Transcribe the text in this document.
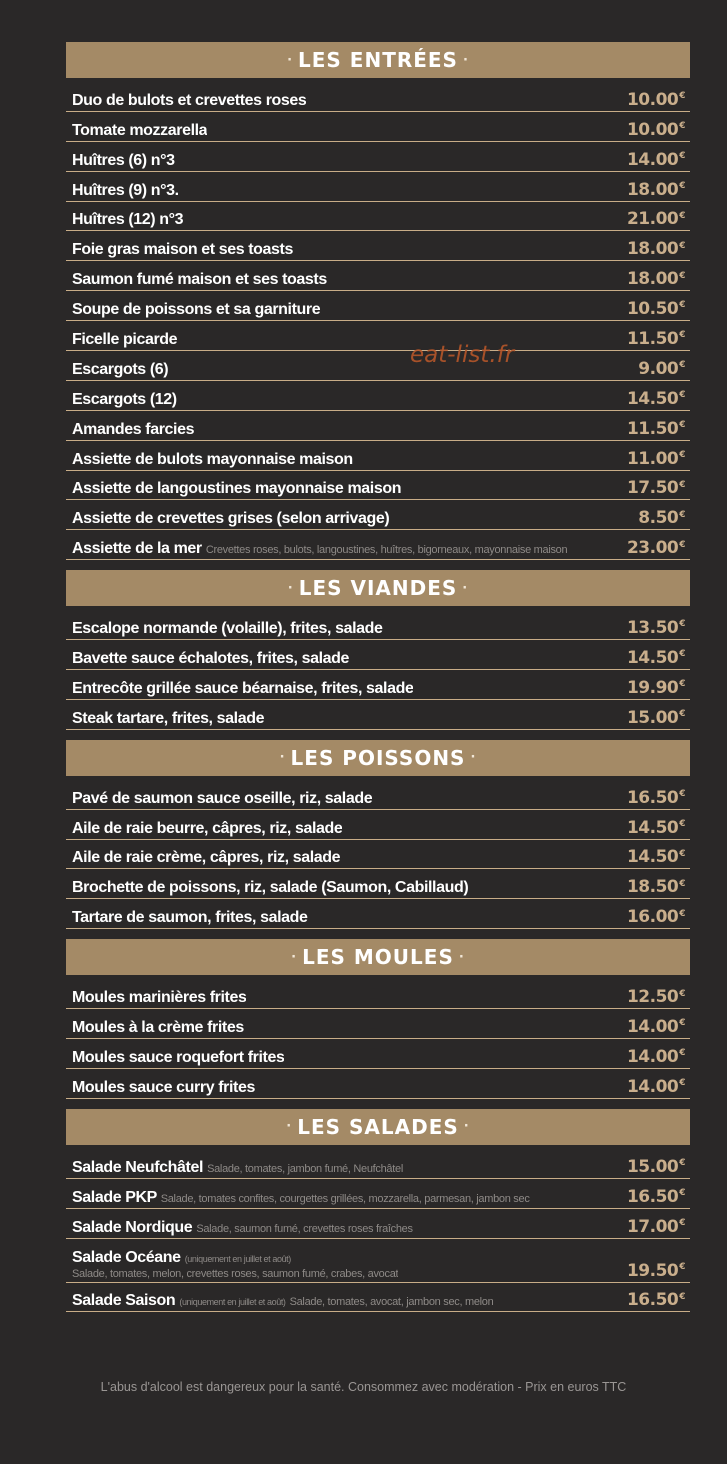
· LES ENTRÉES ·
Duo de bulots et crevettes roses	10.00€
Tomate mozzarella	10.00€
Huîtres (6) n°3	14.00€
Huîtres (9) n°3.	18.00€
Huîtres (12) n°3	21.00€
Foie gras maison et ses toasts	18.00€
Saumon fumé maison et ses toasts	18.00€
Soupe de poissons et sa garniture	10.50€
Ficelle picarde	11.50€
Escargots (6)	9.00€
Escargots (12)	14.50€
Amandes farcies	11.50€
Assiette de bulots mayonnaise maison	11.00€
Assiette de langoustines mayonnaise maison	17.50€
Assiette de crevettes grises (selon arrivage)	8.50€
Assiette de la mer Crevettes roses, bulots, langoustines, huîtres, bigorneaux, mayonnaise maison	23.00€
· LES VIANDES ·
Escalope normande (volaille), frites, salade	13.50€
Bavette sauce échalotes, frites, salade	14.50€
Entrecôte grillée sauce béarnaise, frites, salade	19.90€
Steak tartare, frites, salade	15.00€
· LES POISSONS ·
Pavé de saumon sauce oseille, riz, salade	16.50€
Aile de raie beurre, câpres, riz, salade	14.50€
Aile de raie crème, câpres, riz, salade	14.50€
Brochette de poissons, riz, salade (Saumon, Cabillaud)	18.50€
Tartare de saumon, frites, salade	16.00€
· LES MOULES ·
Moules marinières frites	12.50€
Moules à la crème frites	14.00€
Moules sauce roquefort frites	14.00€
Moules sauce curry frites	14.00€
· LES SALADES ·
Salade Neufchâtel Salade, tomates, jambon fumé, Neufchâtel	15.00€
Salade PKP Salade, tomates confites, courgettes grillées, mozzarella, parmesan, jambon sec	16.50€
Salade Nordique Salade, saumon fumé, crevettes roses fraîches	17.00€
Salade Océane (uniquement en juillet et août)
Salade, tomates, melon, crevettes roses, saumon fumé, crabes, avocat	19.50€
Salade Saison (uniquement en juillet et août) Salade, tomates, avocat, jambon sec, melon	16.50€
eat-list.fr
L'abus d'alcool est dangereux pour la santé. Consommez avec modération - Prix en euros TTC
